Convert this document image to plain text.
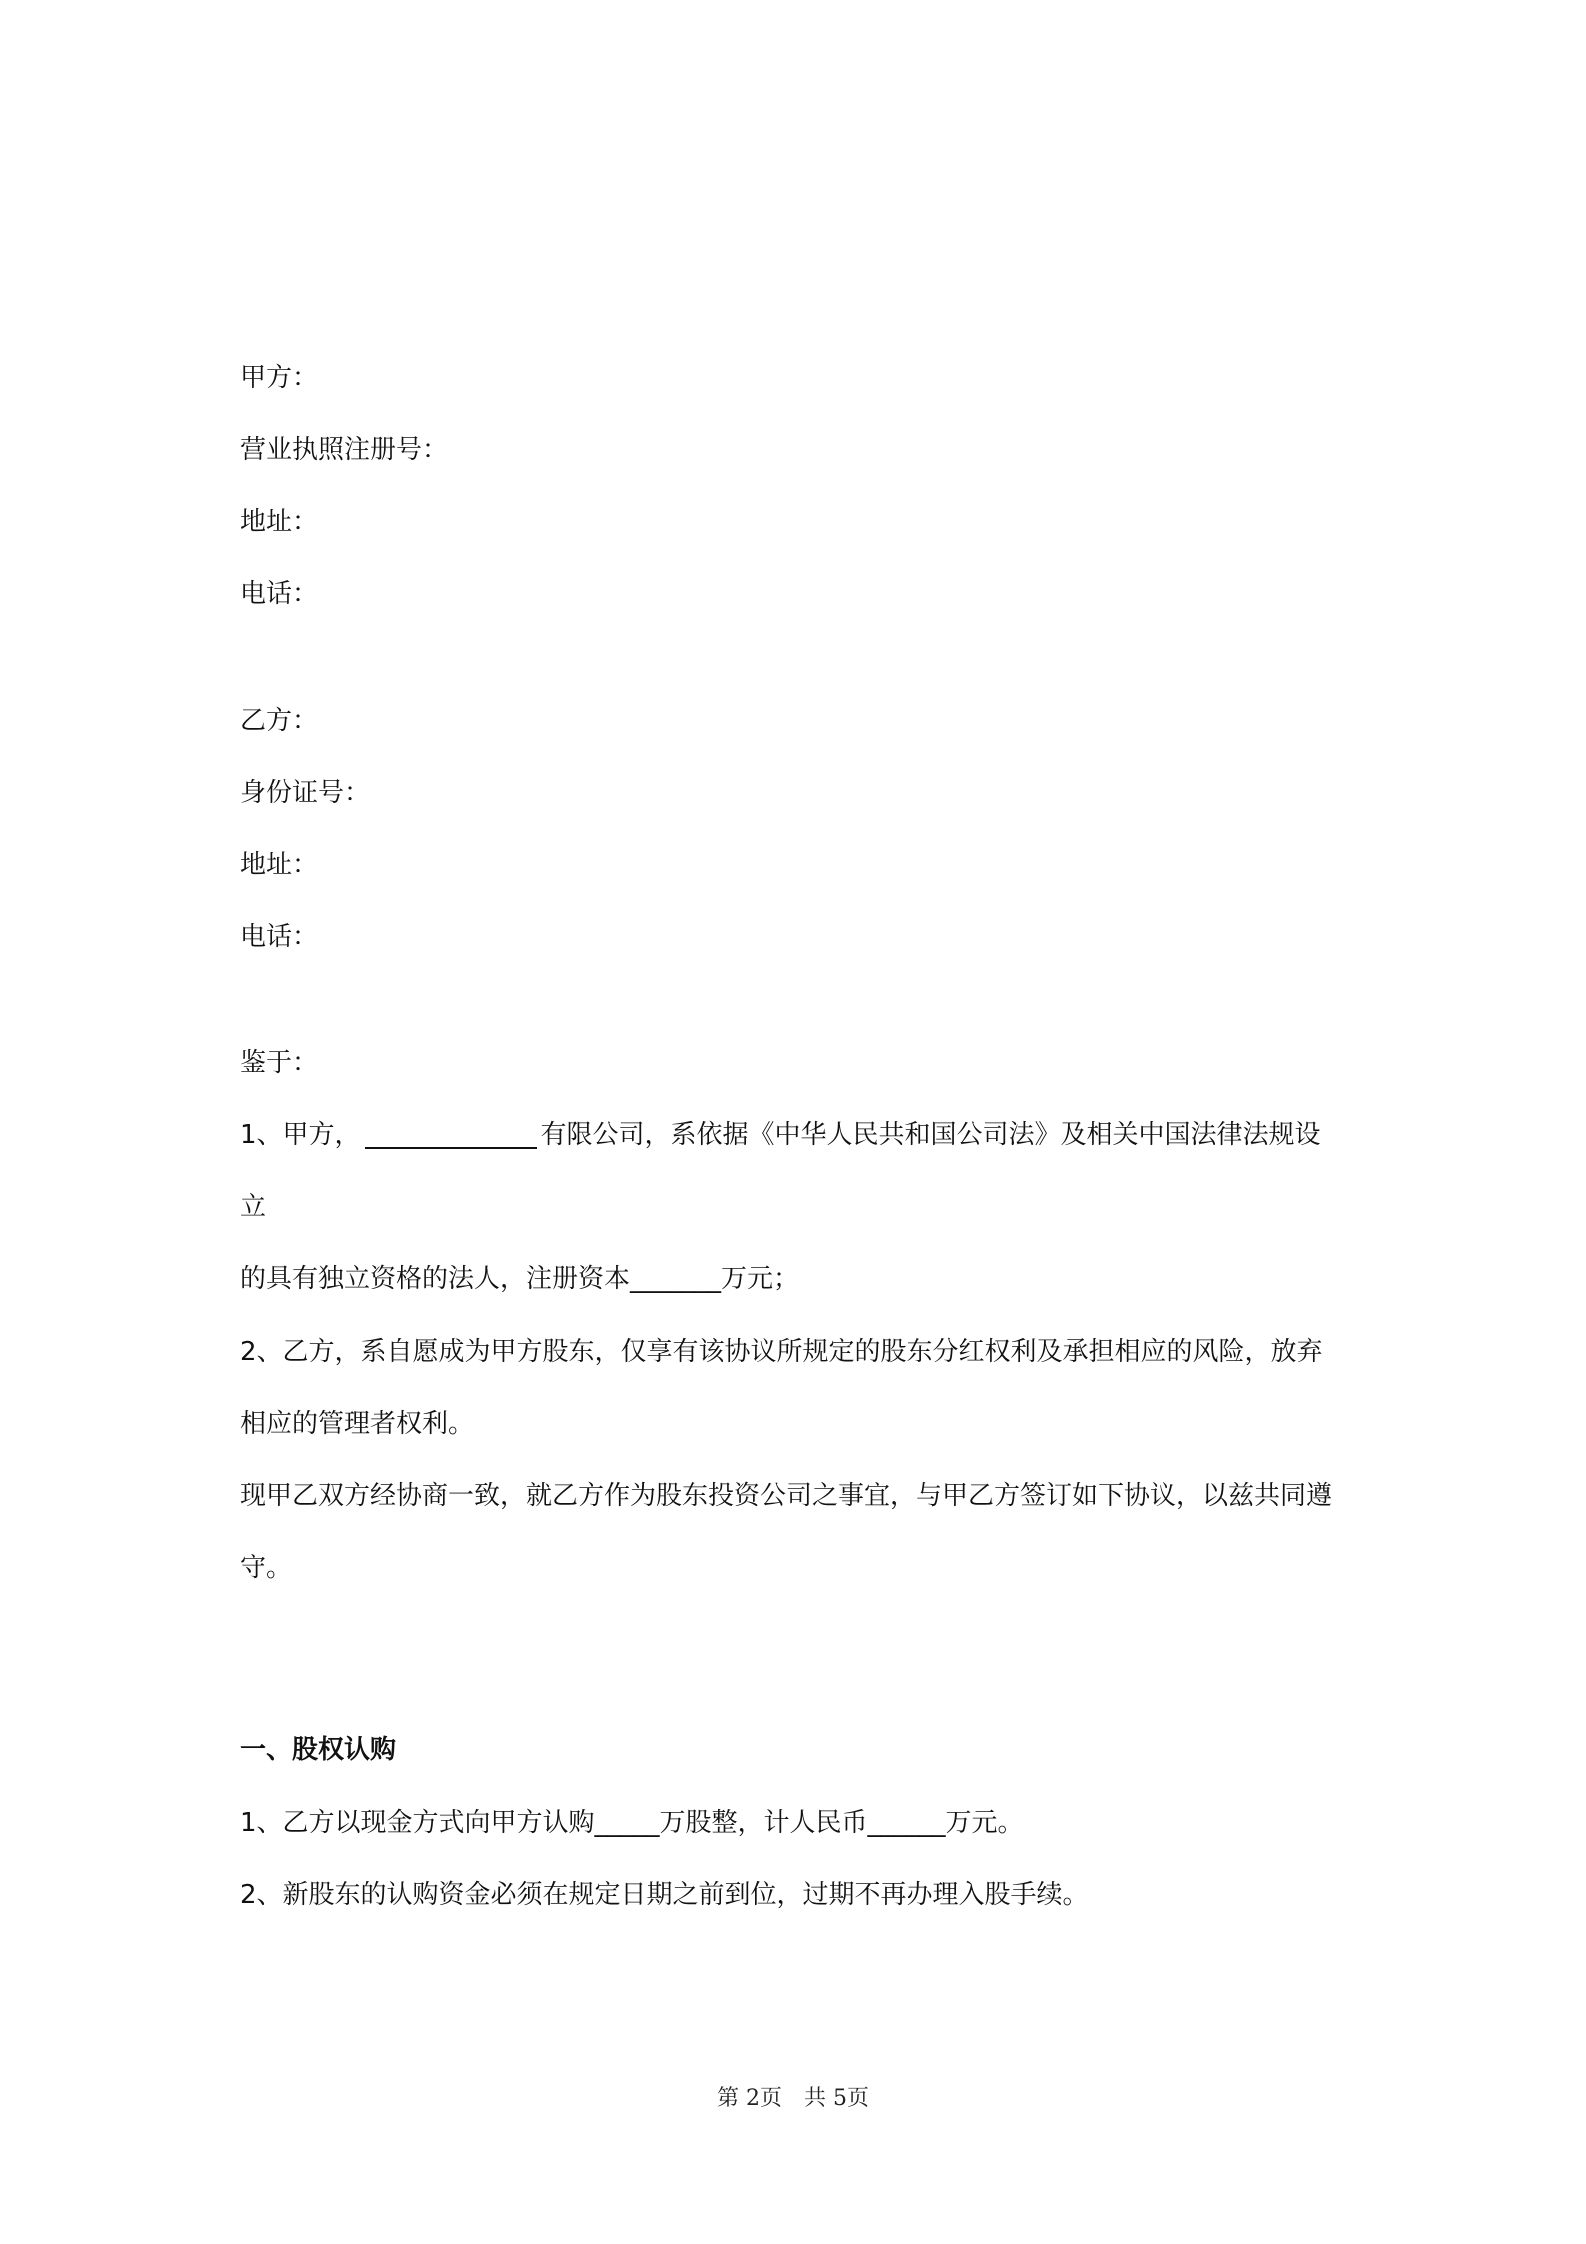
甲方：
营业执照注册号：
地址：
电话：
乙方：
身份证号：
地址：
电话：
鉴于：
1、甲方，	有限公司，系依据《中华人民共和国公司法》及相关中国法律法规设
立
的具有独立资格的法人，注册资本_______万元；
2、乙方，系自愿成为甲方股东，仅享有该协议所规定的股东分红权利及承担相应的风险，放弃
相应的管理者权利。
现甲乙双方经协商一致，就乙方作为股东投资公司之事宜，与甲乙方签订如下协议，以兹共同遵
守。
一、股权认购
1、乙方以现金方式向甲方认购_____万股整，计人民币______万元。
2、新股东的认购资金必须在规定日期之前到位，过期不再办理入股手续。
第 2页 共 5页
